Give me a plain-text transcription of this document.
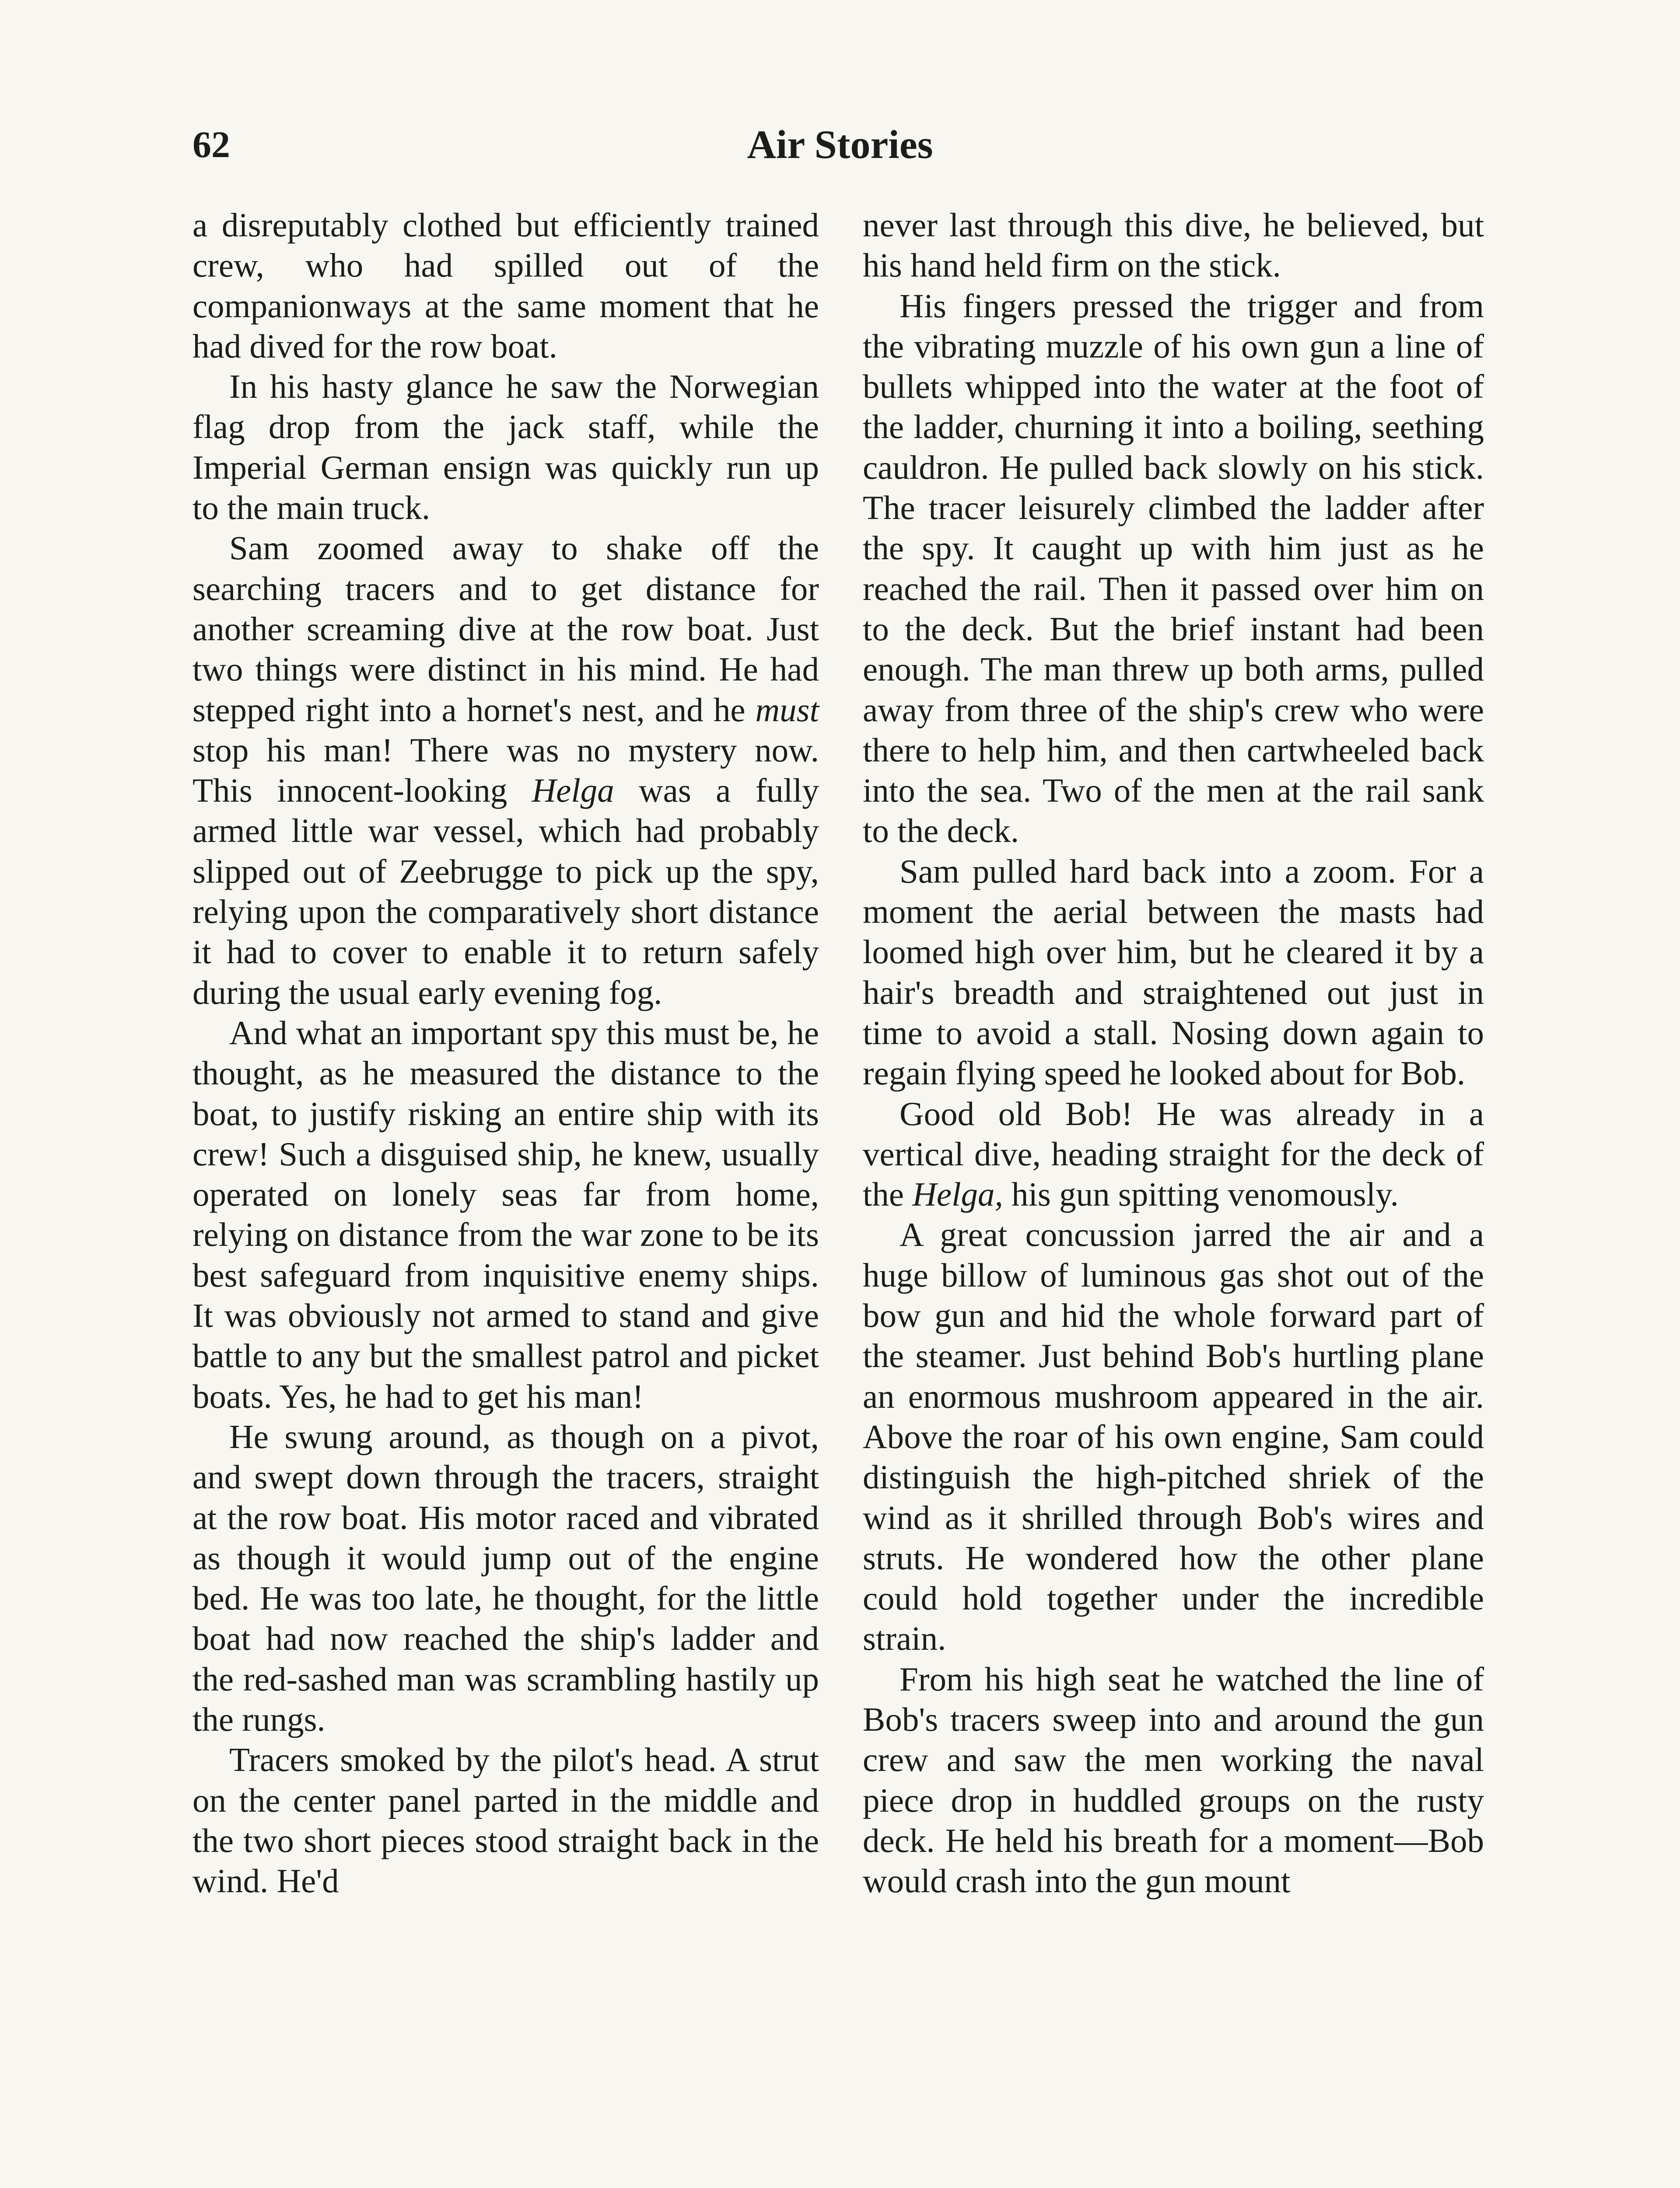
62	Air Stories

a disreputably clothed but efficiently trained crew, who had spilled out of the companionways at the same moment that he had dived for the row boat.

In his hasty glance he saw the Norwegian flag drop from the jack staff, while the Imperial German ensign was quickly run up to the main truck.

Sam zoomed away to shake off the searching tracers and to get distance for another screaming dive at the row boat. Just two things were distinct in his mind. He had stepped right into a hornet's nest, and he must stop his man! There was no mystery now. This innocent-looking Helga was a fully armed little war vessel, which had probably slipped out of Zeebrugge to pick up the spy, relying upon the comparatively short distance it had to cover to enable it to return safely during the usual early evening fog.

And what an important spy this must be, he thought, as he measured the distance to the boat, to justify risking an entire ship with its crew! Such a disguised ship, he knew, usually operated on lonely seas far from home, relying on distance from the war zone to be its best safeguard from inquisitive enemy ships. It was obviously not armed to stand and give battle to any but the smallest patrol and picket boats. Yes, he had to get his man!

He swung around, as though on a pivot, and swept down through the tracers, straight at the row boat. His motor raced and vibrated as though it would jump out of the engine bed. He was too late, he thought, for the little boat had now reached the ship's ladder and the red-sashed man was scrambling hastily up the rungs.

Tracers smoked by the pilot's head. A strut on the center panel parted in the middle and the two short pieces stood straight back in the wind. He'd

never last through this dive, he believed, but his hand held firm on the stick.

His fingers pressed the trigger and from the vibrating muzzle of his own gun a line of bullets whipped into the water at the foot of the ladder, churning it into a boiling, seething cauldron. He pulled back slowly on his stick. The tracer leisurely climbed the ladder after the spy. It caught up with him just as he reached the rail. Then it passed over him on to the deck. But the brief instant had been enough. The man threw up both arms, pulled away from three of the ship's crew who were there to help him, and then cartwheeled back into the sea. Two of the men at the rail sank to the deck.

Sam pulled hard back into a zoom. For a moment the aerial between the masts had loomed high over him, but he cleared it by a hair's breadth and straightened out just in time to avoid a stall. Nosing down again to regain flying speed he looked about for Bob.

Good old Bob! He was already in a vertical dive, heading straight for the deck of the Helga, his gun spitting venomously.

A great concussion jarred the air and a huge billow of luminous gas shot out of the bow gun and hid the whole forward part of the steamer. Just behind Bob's hurtling plane an enormous mushroom appeared in the air. Above the roar of his own engine, Sam could distinguish the high-pitched shriek of the wind as it shrilled through Bob's wires and struts. He wondered how the other plane could hold together under the incredible strain.

From his high seat he watched the line of Bob's tracers sweep into and around the gun crew and saw the men working the naval piece drop in huddled groups on the rusty deck. He held his breath for a moment—Bob would crash into the gun mount
